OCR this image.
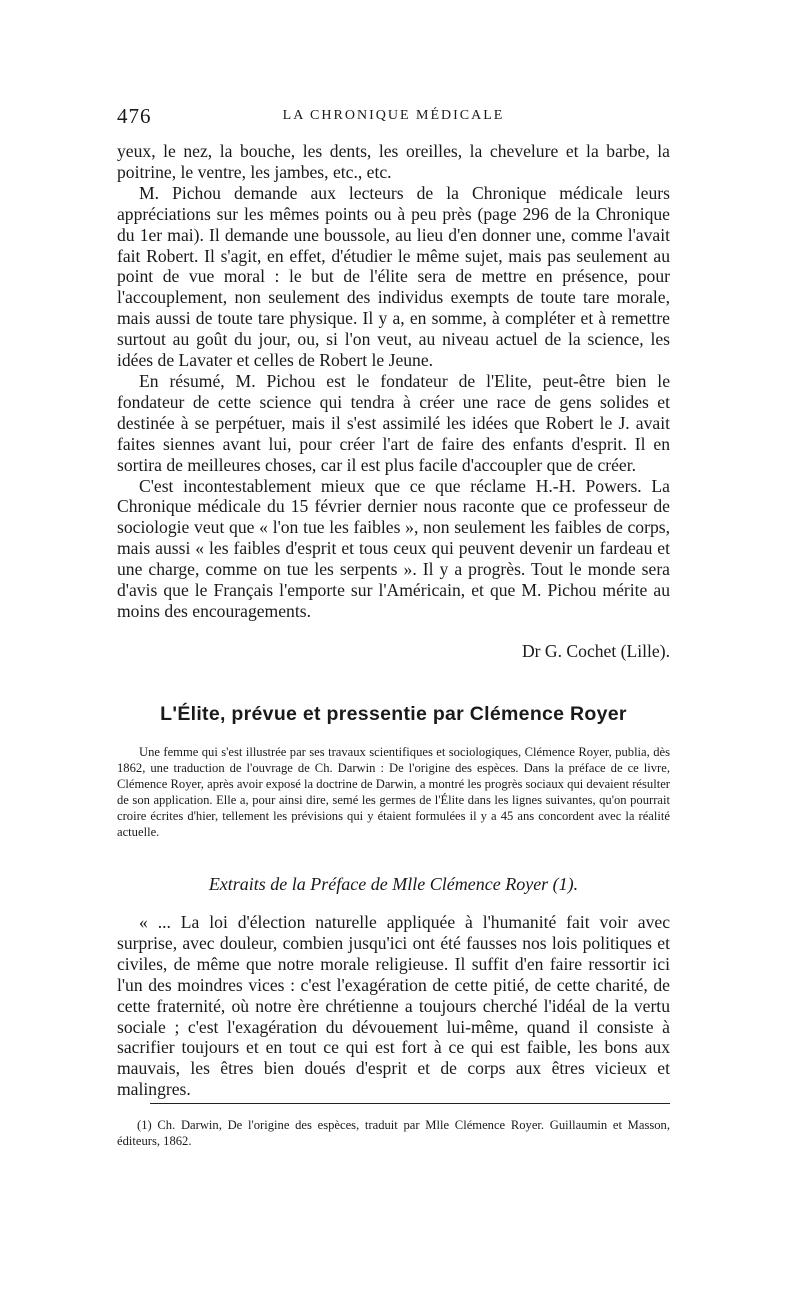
476	LA CHRONIQUE MÉDICALE

yeux, le nez, la bouche, les dents, les oreilles, la chevelure et la barbe, la poitrine, le ventre, les jambes, etc., etc.

M. Pichou demande aux lecteurs de la Chronique médicale leurs appréciations sur les mêmes points ou à peu près (page 296 de la Chronique du 1er mai). Il demande une boussole, au lieu d'en donner une, comme l'avait fait Robert. Il s'agit, en effet, d'étudier le même sujet, mais pas seulement au point de vue moral : le but de l'élite sera de mettre en présence, pour l'accouplement, non seulement des individus exempts de toute tare morale, mais aussi de toute tare physique. Il y a, en somme, à compléter et à remettre surtout au goût du jour, ou, si l'on veut, au niveau actuel de la science, les idées de Lavater et celles de Robert le Jeune.

En résumé, M. Pichou est le fondateur de l'Elite, peut-être bien le fondateur de cette science qui tendra à créer une race de gens solides et destinée à se perpétuer, mais il s'est assimilé les idées que Robert le J. avait faites siennes avant lui, pour créer l'art de faire des enfants d'esprit. Il en sortira de meilleures choses, car il est plus facile d'accoupler que de créer.

C'est incontestablement mieux que ce que réclame H.-H. Powers. La Chronique médicale du 15 février dernier nous raconte que ce professeur de sociologie veut que « l'on tue les faibles », non seulement les faibles de corps, mais aussi « les faibles d'esprit et tous ceux qui peuvent devenir un fardeau et une charge, comme on tue les serpents ». Il y a progrès. Tout le monde sera d'avis que le Français l'emporte sur l'Américain, et que M. Pichou mérite au moins des encouragements.

Dr G. Cochet (Lille).
L'Élite, prévue et pressentie par Clémence Royer

Une femme qui s'est illustrée par ses travaux scientifiques et sociologiques, Clémence Royer, publia, dès 1862, une traduction de l'ouvrage de Ch. Darwin : De l'origine des espèces. Dans la préface de ce livre, Clémence Royer, après avoir exposé la doctrine de Darwin, a montré les progrès sociaux qui devaient résulter de son application. Elle a, pour ainsi dire, semé les germes de l'Élite dans les lignes suivantes, qu'on pourrait croire écrites d'hier, tellement les prévisions qui y étaient formulées il y a 45 ans concordent avec la réalité actuelle.

Extraits de la Préface de Mlle Clémence Royer (1).

« ... La loi d'élection naturelle appliquée à l'humanité fait voir avec surprise, avec douleur, combien jusqu'ici ont été fausses nos lois politiques et civiles, de même que notre morale religieuse. Il suffit d'en faire ressortir ici l'un des moindres vices : c'est l'exagération de cette pitié, de cette charité, de cette fraternité, où notre ère chrétienne a toujours cherché l'idéal de la vertu sociale ; c'est l'exagération du dévouement lui-même, quand il consiste à sacrifier toujours et en tout ce qui est fort à ce qui est faible, les bons aux mauvais, les êtres bien doués d'esprit et de corps aux êtres vicieux et malingres.

(1) Ch. Darwin, De l'origine des espèces, traduit par Mlle Clémence Royer. Guillaumin et Masson, éditeurs, 1862.
